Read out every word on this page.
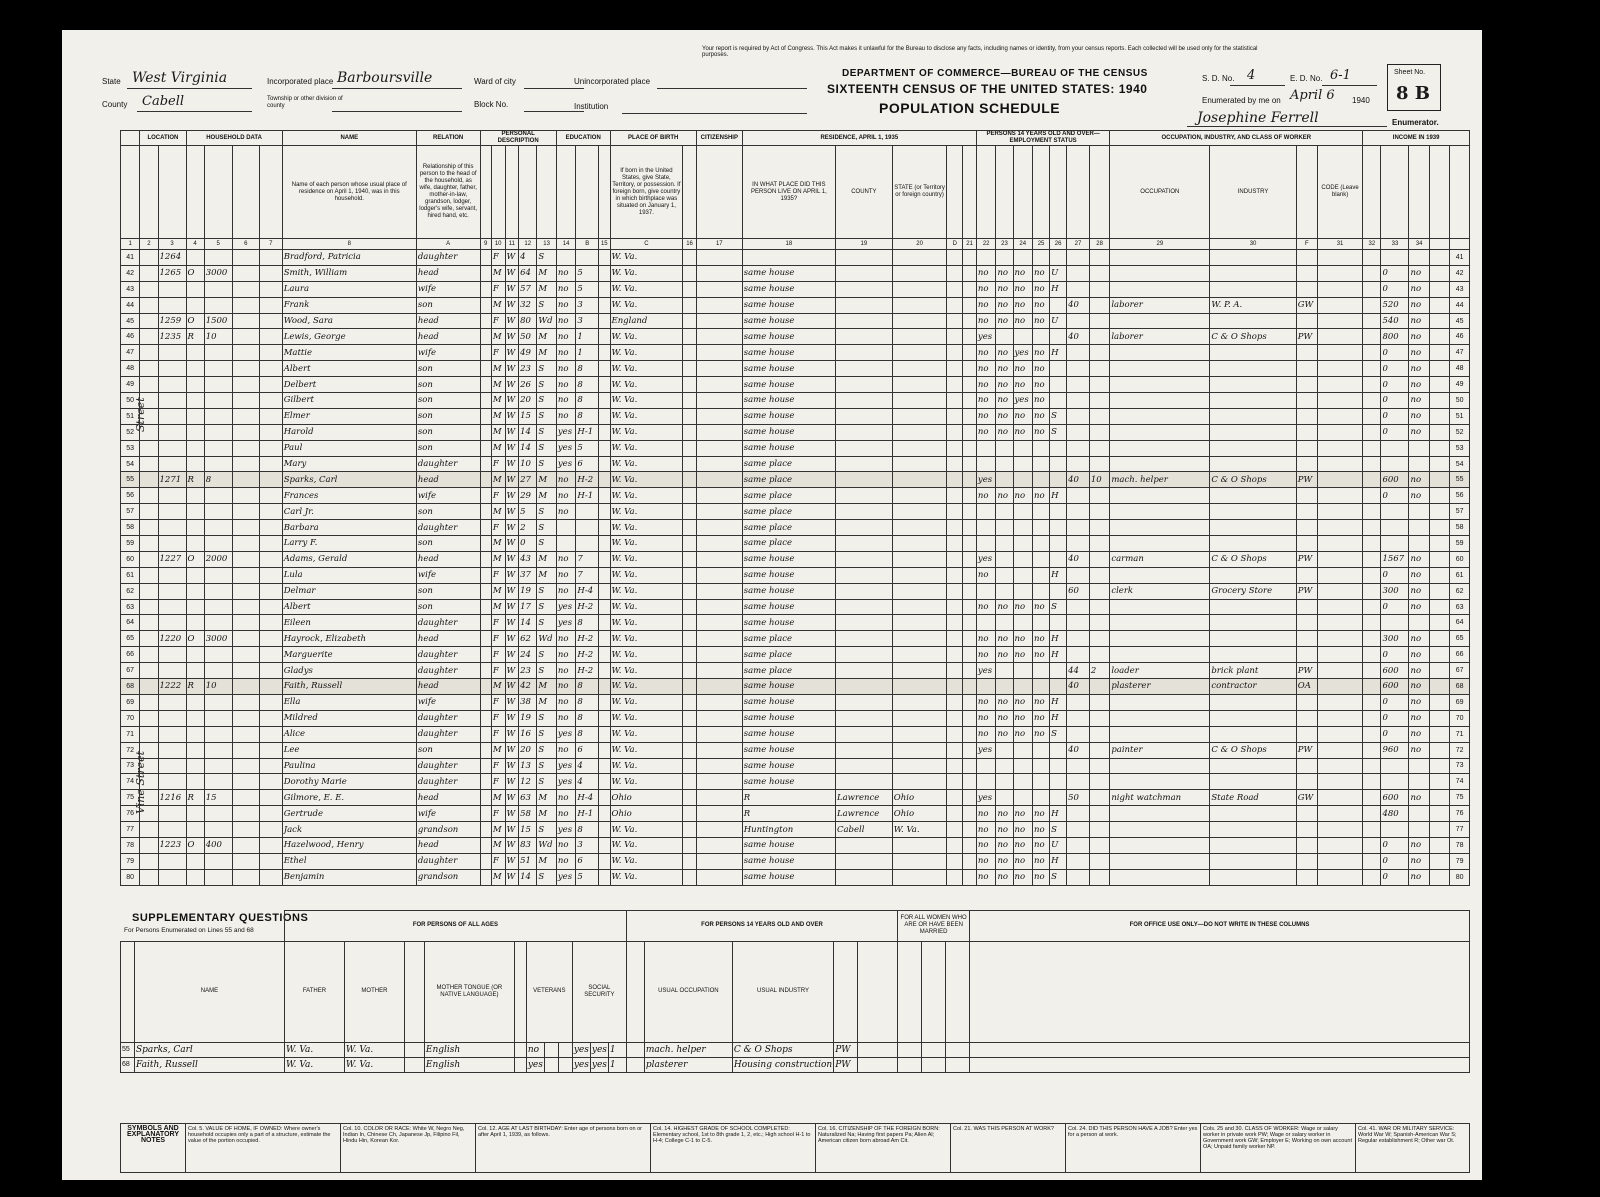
State West Virginia
County Cabell
Incorporated place Barboursville
Township or other division of county
Ward of city
Block No.
Unincorporated place
Institution
Your report is required by Act of Congress. This Act makes it unlawful for the Bureau to disclose any facts, including names or identity, from your census reports. Each collected will be used only for the statistical purposes.
DEPARTMENT OF COMMERCE—BUREAU OF THE CENSUS
SIXTEENTH CENSUS OF THE UNITED STATES: 1940
POPULATION SCHEDULE
S. D. No. 4	E. D. No. 6-1	Sheet No.
8 B
Enumerated by me on April 6 1940
Josephine Ferrell	Enumerator.
Street
Vine Street
	LOCATION		HOUSEHOLD DATA				NAME	RELATION	PERSONAL DESCRIPTION					EDUCATION			PLACE OF BIRTH		CITIZENSHIP	RESIDENCE, APRIL 1, 1935					PERSONS 14 YEARS OLD AND OVER—EMPLOYMENT STATUS							OCCUPATION, INDUSTRY, AND CLASS OF WORKER				INCOME IN 1939				
							Name of each person whose usual place of residence on April 1, 1940, was in this household.	Relationship of this person to the head of the household, as wife, daughter, father, mother-in-law, grandson, lodger, lodger's wife, servant, hired hand, etc.									If born in the United States, give State, Territory, or possession. If foreign born, give country in which birthplace was situated on January 1, 1937.			IN WHAT PLACE DID THIS PERSON LIVE ON APRIL 1, 1935?	COUNTY	STATE (or Territory or foreign country)										OCCUPATION	INDUSTRY		CODE (Leave blank)					
1	2	3	4	5	6	7	8	A	9	10	11	12	13	14	B	15	C	16	17	18	19	20	D	21	22	23	24	25	26	27	28	29	30	F	31	32	33	34		
41		1264					Bradford, Patricia	daughter		F	W	4	S				W. Va.																							41
42		1265	O	3000			Smith, William	head		M	W	64	M	no	5		W. Va.			same house					no	no	no	no	U								0	no		42
43							Laura	wife		F	W	57	M	no	5		W. Va.			same house					no	no	no	no	H								0	no		43
44							Frank	son		M	W	32	S	no	3		W. Va.			same house					no	no	no	no		40		laborer	W. P. A.	GW			520	no		44
45		1259	O	1500			Wood, Sara	head		F	W	80	Wd	no	3		England			same house					no	no	no	no	U								540	no		45
46		1235	R	10			Lewis, George	head		M	W	50	M	no	1		W. Va.			same house					yes					40		laborer	C & O Shops	PW			800	no		46
47							Mattie	wife		F	W	49	M	no	1		W. Va.			same house					no	no	yes	no	H								0	no		47
48							Albert	son		M	W	23	S	no	8		W. Va.			same house					no	no	no	no									0	no		48
49							Delbert	son		M	W	26	S	no	8		W. Va.			same house					no	no	no	no									0	no		49
50							Gilbert	son		M	W	20	S	no	8		W. Va.			same house					no	no	yes	no									0	no		50
51							Elmer	son		M	W	15	S	no	8		W. Va.			same house					no	no	no	no	S								0	no		51
52							Harold	son		M	W	14	S	yes	H-1		W. Va.			same house					no	no	no	no	S								0	no		52
53							Paul	son		M	W	14	S	yes	5		W. Va.			same house																				53
54							Mary	daughter		F	W	10	S	yes	6		W. Va.			same place																				54
55		1271	R	8			Sparks, Carl	head		M	W	27	M	no	H-2		W. Va.			same place					yes					40	10	mach. helper	C & O Shops	PW			600	no		55
56							Frances	wife		F	W	29	M	no	H-1		W. Va.			same place					no	no	no	no	H								0	no		56
57							Carl Jr.	son		M	W	5	S	no			W. Va.			same place																				57
58							Barbara	daughter		F	W	2	S				W. Va.			same place																				58
59							Larry F.	son		M	W	0	S				W. Va.			same place																				59
60		1227	O	2000			Adams, Gerald	head		M	W	43	M	no	7		W. Va.			same house					yes					40		carman	C & O Shops	PW			1567	no		60
61							Lula	wife		F	W	37	M	no	7		W. Va.			same house					no				H								0	no		61
62							Delmar	son		M	W	19	S	no	H-4		W. Va.			same house										60		clerk	Grocery Store	PW			300	no		62
63							Albert	son		M	W	17	S	yes	H-2		W. Va.			same house					no	no	no	no	S								0	no		63
64							Eileen	daughter		F	W	14	S	yes	8		W. Va.			same house																				64
65		1220	O	3000			Hayrock, Elizabeth	head		F	W	62	Wd	no	H-2		W. Va.			same place					no	no	no	no	H								300	no		65
66							Marguerite	daughter		F	W	24	S	no	H-2		W. Va.			same place					no	no	no	no	H								0	no		66
67							Gladys	daughter		F	W	23	S	no	H-2		W. Va.			same place					yes					44	2	loader	brick plant	PW			600	no		67
68		1222	R	10			Faith, Russell	head		M	W	42	M	no	8		W. Va.			same house										40		plasterer	contractor	OA			600	no		68
69							Ella	wife		F	W	38	M	no	8		W. Va.			same house					no	no	no	no	H								0	no		69
70							Mildred	daughter		F	W	19	S	no	8		W. Va.			same house					no	no	no	no	H								0	no		70
71							Alice	daughter		F	W	16	S	yes	8		W. Va.			same house					no	no	no	no	S								0	no		71
72							Lee	son		M	W	20	S	no	6		W. Va.			same house					yes					40		painter	C & O Shops	PW			960	no		72
73							Paulina	daughter		F	W	13	S	yes	4		W. Va.			same house																				73
74							Dorothy Marie	daughter		F	W	12	S	yes	4		W. Va.			same house																				74
75		1216	R	15			Gilmore, E. E.	head		M	W	63	M	no	H-4		Ohio			R	Lawrence	Ohio			yes					50		night watchman	State Road	GW			600	no		75
76							Gertrude	wife		F	W	58	M	no	H-1		Ohio			R	Lawrence	Ohio			no	no	no	no	H								480			76
77							Jack	grandson		M	W	15	S	yes	8		W. Va.			Huntington	Cabell	W. Va.			no	no	no	no	S											77
78		1223	O	400			Hazelwood, Henry	head		M	W	83	Wd	no	3		W. Va.			same house					no	no	no	no	U								0	no		78
79							Ethel	daughter		F	W	51	M	no	6		W. Va.			same house					no	no	no	no	H								0	no		79
80							Benjamin	grandson		M	W	14	S	yes	5		W. Va.			same house					no	no	no	no	S								0	no		80
SUPPLEMENTARY QUESTIONS
For Persons Enumerated on Lines 55 and 68
		FOR PERSONS OF ALL AGES											FOR PERSONS 14 YEARS OLD AND OVER					FOR ALL WOMEN WHO ARE OR HAVE BEEN MARRIED			FOR OFFICE USE ONLY—DO NOT WRITE IN THESE COLUMNS
	NAME	FATHER	MOTHER		MOTHER TONGUE (OR NATIVE LANGUAGE)		VETERANS			SOCIAL SECURITY				USUAL OCCUPATION	USUAL INDUSTRY						
55	Sparks, Carl	W. Va.	W. Va.		English		no			yes	yes	1		mach. helper	C & O Shops	PW					
68	Faith, Russell	W. Va.	W. Va.		English		yes			yes	yes	1		plasterer	Housing construction	PW					
SYMBOLS AND EXPLANATORY NOTES	Col. 5. VALUE OF HOME, IF OWNED: Where owner's household occupies only a part of a structure, estimate the value of the portion occupied.	Col. 10. COLOR OR RACE: White W, Negro Neg, Indian In, Chinese Ch, Japanese Jp, Filipino Fil, Hindu Hin, Korean Kor.	Col. 12. AGE AT LAST BIRTHDAY: Enter age of persons born on or after April 1, 1939, as follows.	Col. 14. HIGHEST GRADE OF SCHOOL COMPLETED: Elementary school, 1st to 8th grade 1, 2, etc.; High school H-1 to H-4; College C-1 to C-5.	Col. 16. CITIZENSHIP OF THE FOREIGN BORN: Naturalized Na; Having first papers Pa; Alien Al; American citizen born abroad Am Cit.	Col. 21. WAS THIS PERSON AT WORK?	Col. 24. DID THIS PERSON HAVE A JOB? Enter yes for a person at work.	Cols. 25 and 30. CLASS OF WORKER: Wage or salary worker in private work PW; Wage or salary worker in Government work GW; Employer E; Working on own account OA; Unpaid family worker NP.	Col. 41. WAR OR MILITARY SERVICE: World War W; Spanish-American War S; Regular establishment R; Other war Ot.
